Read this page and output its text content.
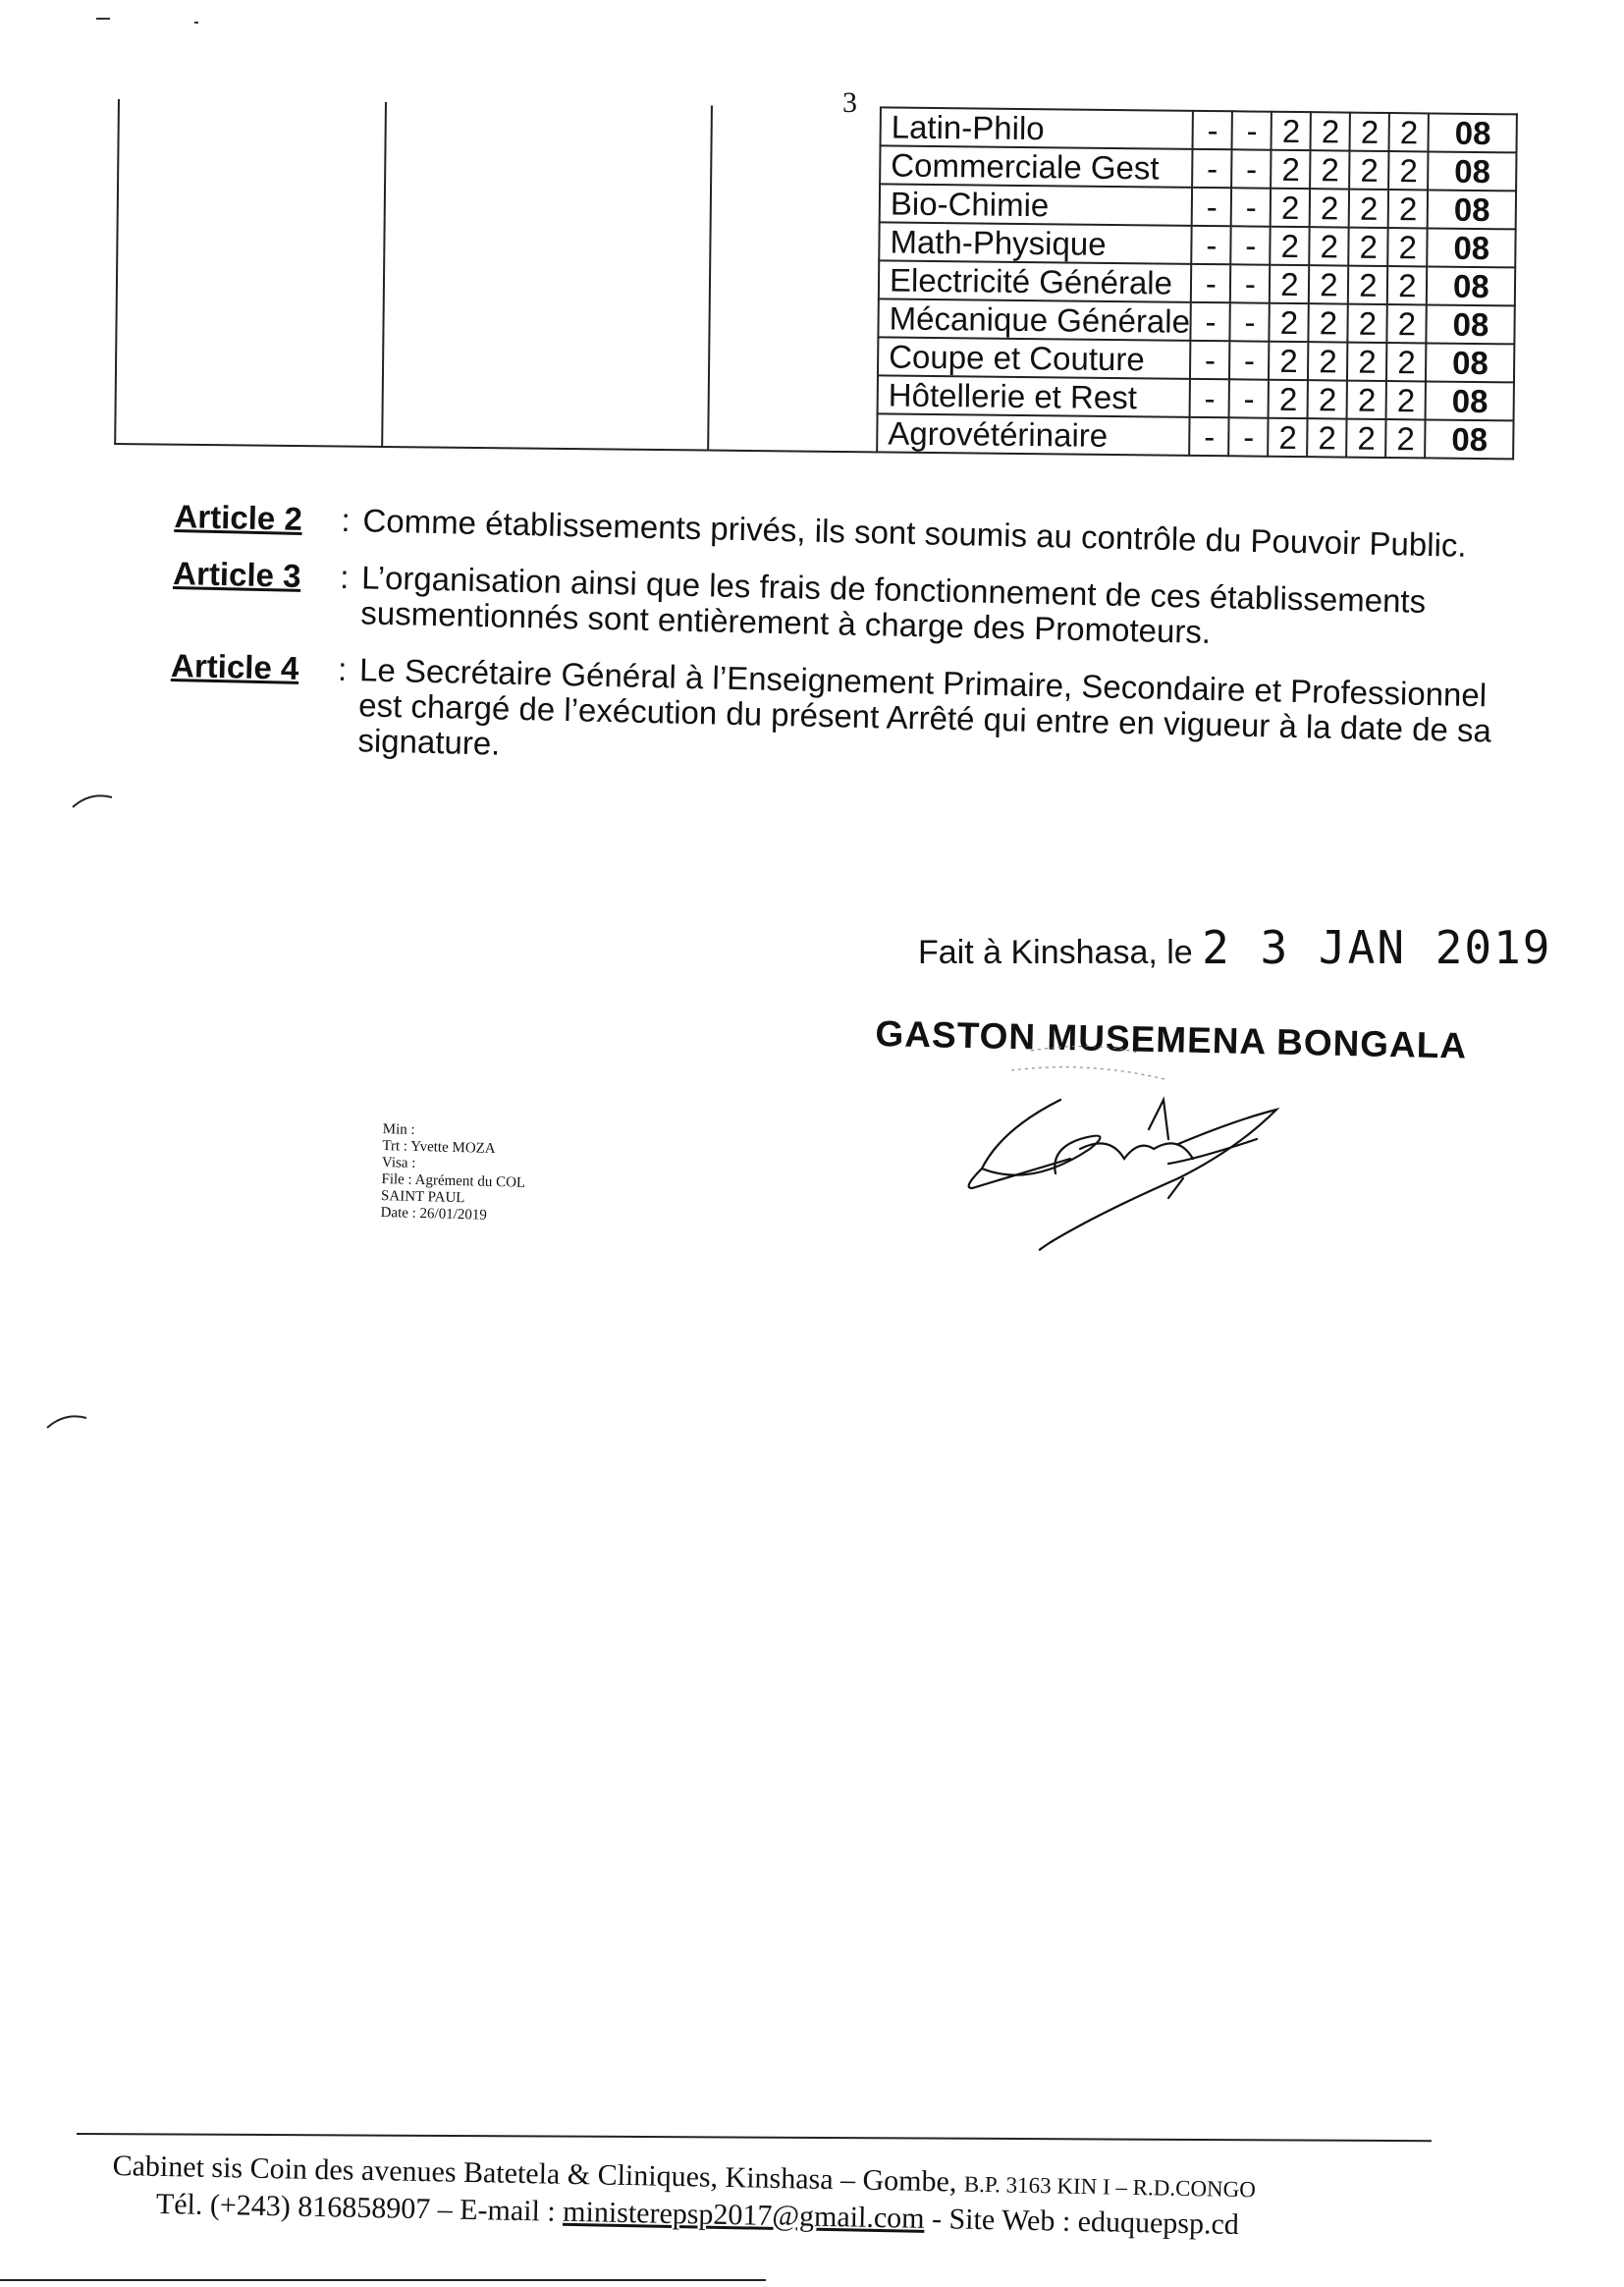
3
			Latin-Philo	-	-	2	2	2	2	08
			Commerciale Gest	-	-	2	2	2	2	08
			Bio-Chimie	-	-	2	2	2	2	08
			Math-Physique	-	-	2	2	2	2	08
			Electricité Générale	-	-	2	2	2	2	08
			Mécanique Générale	-	-	2	2	2	2	08
			Coupe et Couture	-	-	2	2	2	2	08
			Hôtellerie et Rest	-	-	2	2	2	2	08
			Agrovétérinaire	-	-	2	2	2	2	08
Article 2	: Comme établissements privés, ils sont soumis au contrôle du Pouvoir Public.
Article 3	: L’organisation ainsi que les frais de fonctionnement de ces établissements susmentionnés sont entièrement à charge des Promoteurs.
Article 4	: Le Secrétaire Général à l’Enseignement Primaire, Secondaire et Professionnel est chargé de l’exécution du présent Arrêté qui entre en vigueur à la date de sa signature.
Fait à Kinshasa, le 2 3 JAN 2019
GASTON MUSEMENA BONGALA
Min :
Trt : Yvette MOZA
Visa :
File : Agrément du COL
SAINT PAUL
Date : 26/01/2019
Cabinet sis Coin des avenues Batetela & Cliniques, Kinshasa – Gombe, B.P. 3163 KIN I – R.D.CONGO
Tél. (+243) 816858907 – E-mail : ministerepsp2017@gmail.com - Site Web : eduquepsp.cd
